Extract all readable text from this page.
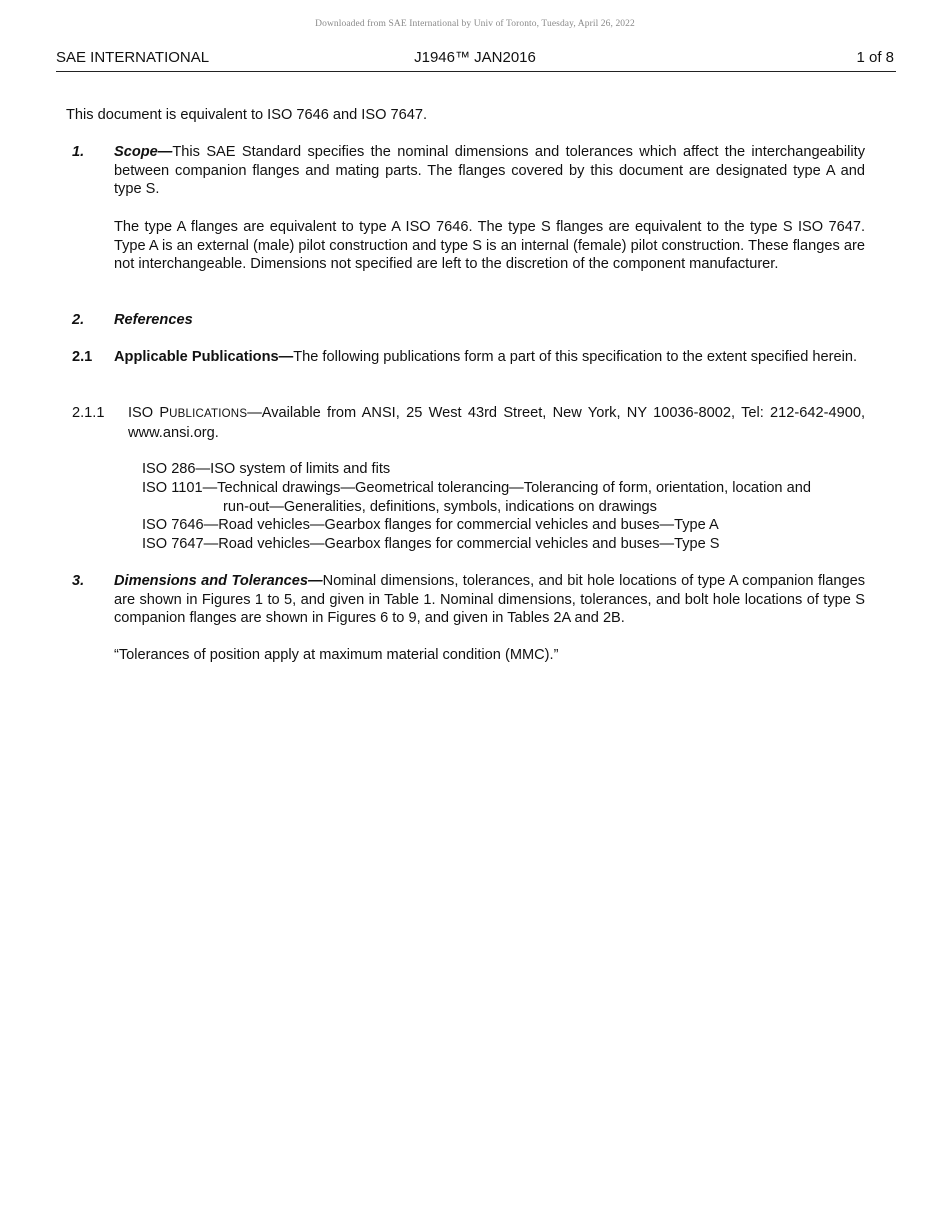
Downloaded from SAE International by Univ of Toronto, Tuesday, April 26, 2022
SAE INTERNATIONAL	J1946™ JAN2016	1 of 8
This document is equivalent to ISO 7646 and ISO 7647.
1. Scope—This SAE Standard specifies the nominal dimensions and tolerances which affect the interchangeability between companion flanges and mating parts. The flanges covered by this document are designated type A and type S.
The type A flanges are equivalent to type A ISO 7646. The type S flanges are equivalent to the type S ISO 7647. Type A is an external (male) pilot construction and type S is an internal (female) pilot construction. These flanges are not interchangeable. Dimensions not specified are left to the discretion of the component manufacturer.
2. References
2.1 Applicable Publications—The following publications form a part of this specification to the extent specified herein.
2.1.1 ISO PUBLICATIONS—Available from ANSI, 25 West 43rd Street, New York, NY 10036-8002, Tel: 212-642-4900, www.ansi.org.
ISO 286—ISO system of limits and fits
ISO 1101—Technical drawings—Geometrical tolerancing—Tolerancing of form, orientation, location and
run-out—Generalities, definitions, symbols, indications on drawings
ISO 7646—Road vehicles—Gearbox flanges for commercial vehicles and buses—Type A
ISO 7647—Road vehicles—Gearbox flanges for commercial vehicles and buses—Type S
3. Dimensions and Tolerances—Nominal dimensions, tolerances, and bit hole locations of type A companion flanges are shown in Figures 1 to 5, and given in Table 1. Nominal dimensions, tolerances, and bolt hole locations of type S companion flanges are shown in Figures 6 to 9, and given in Tables 2A and 2B.
“Tolerances of position apply at maximum material condition (MMC).”
